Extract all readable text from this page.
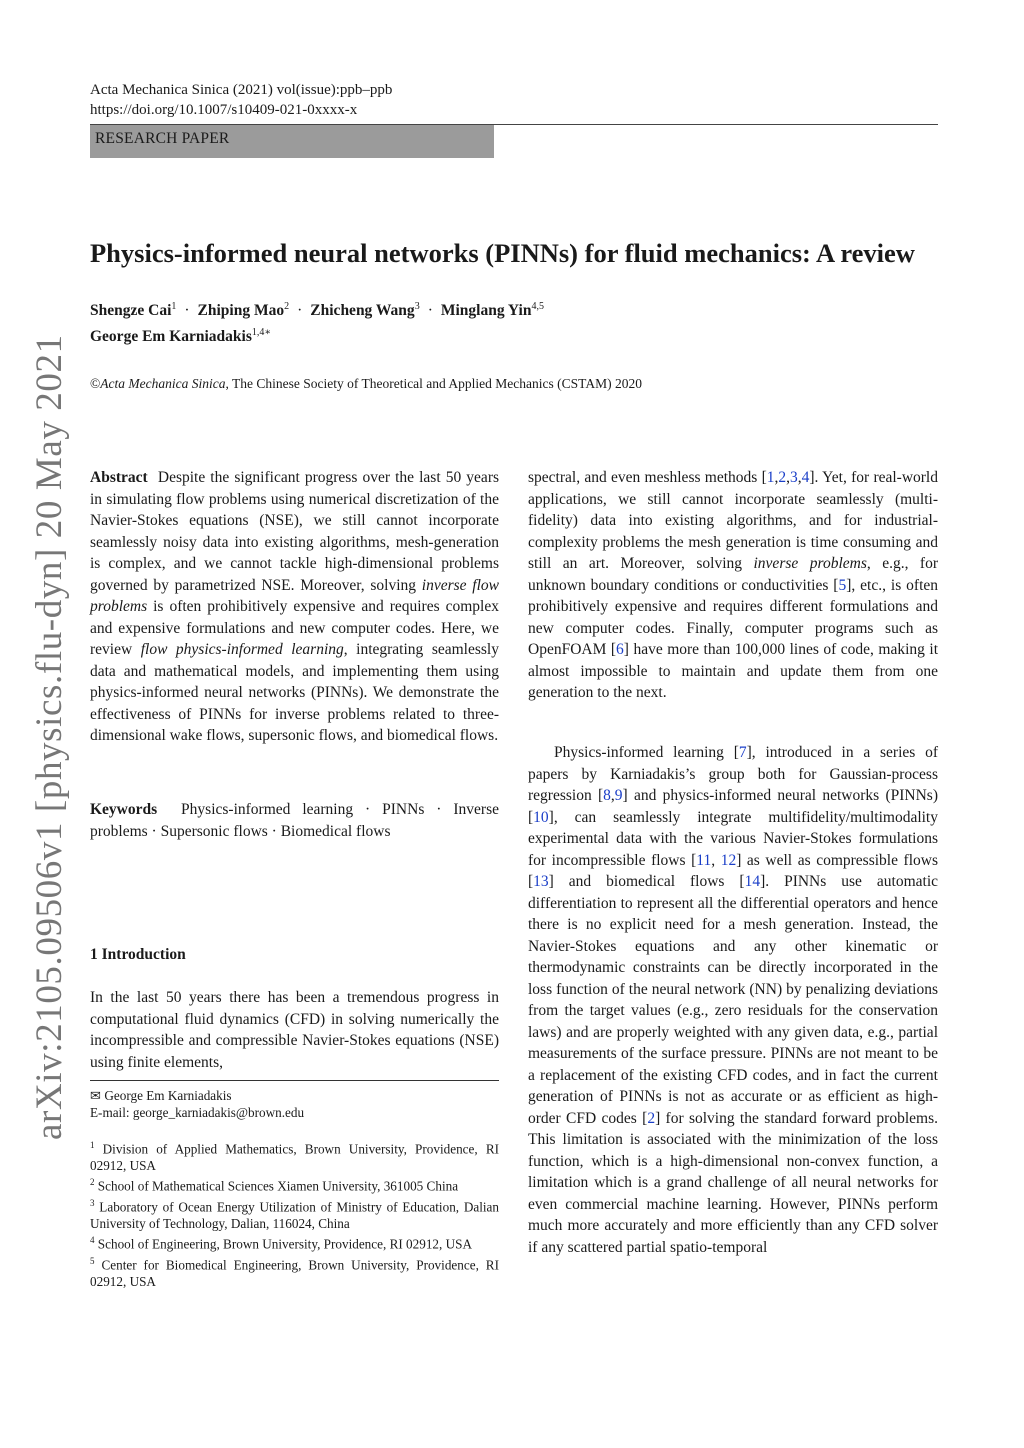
Acta Mechanica Sinica (2021) vol(issue):ppb–ppb
https://doi.org/10.1007/s10409-021-0xxxx-x
RESEARCH PAPER
Physics-informed neural networks (PINNs) for fluid mechanics: A review
Shengze Cai$^1$ · Zhiping Mao$^2$ · Zhicheng Wang$^3$ · Minglang Yin$^{4,5}$
George Em Karniadakis$^{1,4∗}$
©Acta Mechanica Sinica, The Chinese Society of Theoretical and Applied Mechanics (CSTAM) 2020
arXiv:2105.09506v1 [physics.flu-dyn] 20 May 2021	Abstract Despite the significant progress over the last 50 years in simulating flow problems using numerical discretization of the Navier-Stokes equations (NSE), we still cannot incorporate seamlessly noisy data into existing algorithms, mesh-generation is complex, and we cannot tackle high-dimensional problems governed by parametrized NSE. Moreover, solving inverse flow problems is often prohibitively expensive and requires complex and expensive formulations and new computer codes. Here, we review flow physics-informed learning, integrating seamlessly data and mathematical models, and implementing them using physics-informed neural networks (PINNs). We demonstrate the effectiveness of PINNs for inverse problems related to three-dimensional wake flows, supersonic flows, and biomedical flows.

Keywords Physics-informed learning · PINNs · Inverse problems · Supersonic flows · Biomedical flows

1 Introduction

In the last 50 years there has been a tremendous progress in computational fluid dynamics (CFD) in solving numerically the incompressible and compressible Navier-Stokes equations (NSE) using finite elements,

✉ George Em Karniadakis
E-mail: george_karniadakis@brown.edu
$^1$ Division of Applied Mathematics, Brown University, Providence, RI 02912, USA
$^2$ School of Mathematical Sciences Xiamen University, 361005 China
$^3$ Laboratory of Ocean Energy Utilization of Ministry of Education, Dalian University of Technology, Dalian, 116024, China
$^4$ School of Engineering, Brown University, Providence, RI 02912, USA
$^5$ Center for Biomedical Engineering, Brown University, Providence, RI 02912, USA

spectral, and even meshless methods [1,2,3,4]. Yet, for real-world applications, we still cannot incorporate seamlessly (multi-fidelity) data into existing algorithms, and for industrial-complexity problems the mesh generation is time consuming and still an art. Moreover, solving inverse problems, e.g., for unknown boundary conditions or conductivities [5], etc., is often prohibitively expensive and requires different formulations and new computer codes. Finally, computer programs such as OpenFOAM [6] have more than 100,000 lines of code, making it almost impossible to maintain and update them from one generation to the next.

Physics-informed learning [7], introduced in a series of papers by Karniadakis’s group both for Gaussian-process regression [8,9] and physics-informed neural networks (PINNs) [10], can seamlessly integrate multifidelity/multimodality experimental data with the various Navier-Stokes formulations for incompressible flows [11, 12] as well as compressible flows [13] and biomedical flows [14]. PINNs use automatic differentiation to represent all the differential operators and hence there is no explicit need for a mesh generation. Instead, the Navier-Stokes equations and any other kinematic or thermodynamic constraints can be directly incorporated in the loss function of the neural network (NN) by penalizing deviations from the target values (e.g., zero residuals for the conservation laws) and are properly weighted with any given data, e.g., partial measurements of the surface pressure. PINNs are not meant to be a replacement of the existing CFD codes, and in fact the current generation of PINNs is not as accurate or as efficient as high-order CFD codes [2] for solving the standard forward problems. This limitation is associated with the minimization of the loss function, which is a high-dimensional non-convex function, a limitation which is a grand challenge of all neural networks for even commercial machine learning. However, PINNs perform much more accurately and more efficiently than any CFD solver if any scattered partial spatio-temporal
